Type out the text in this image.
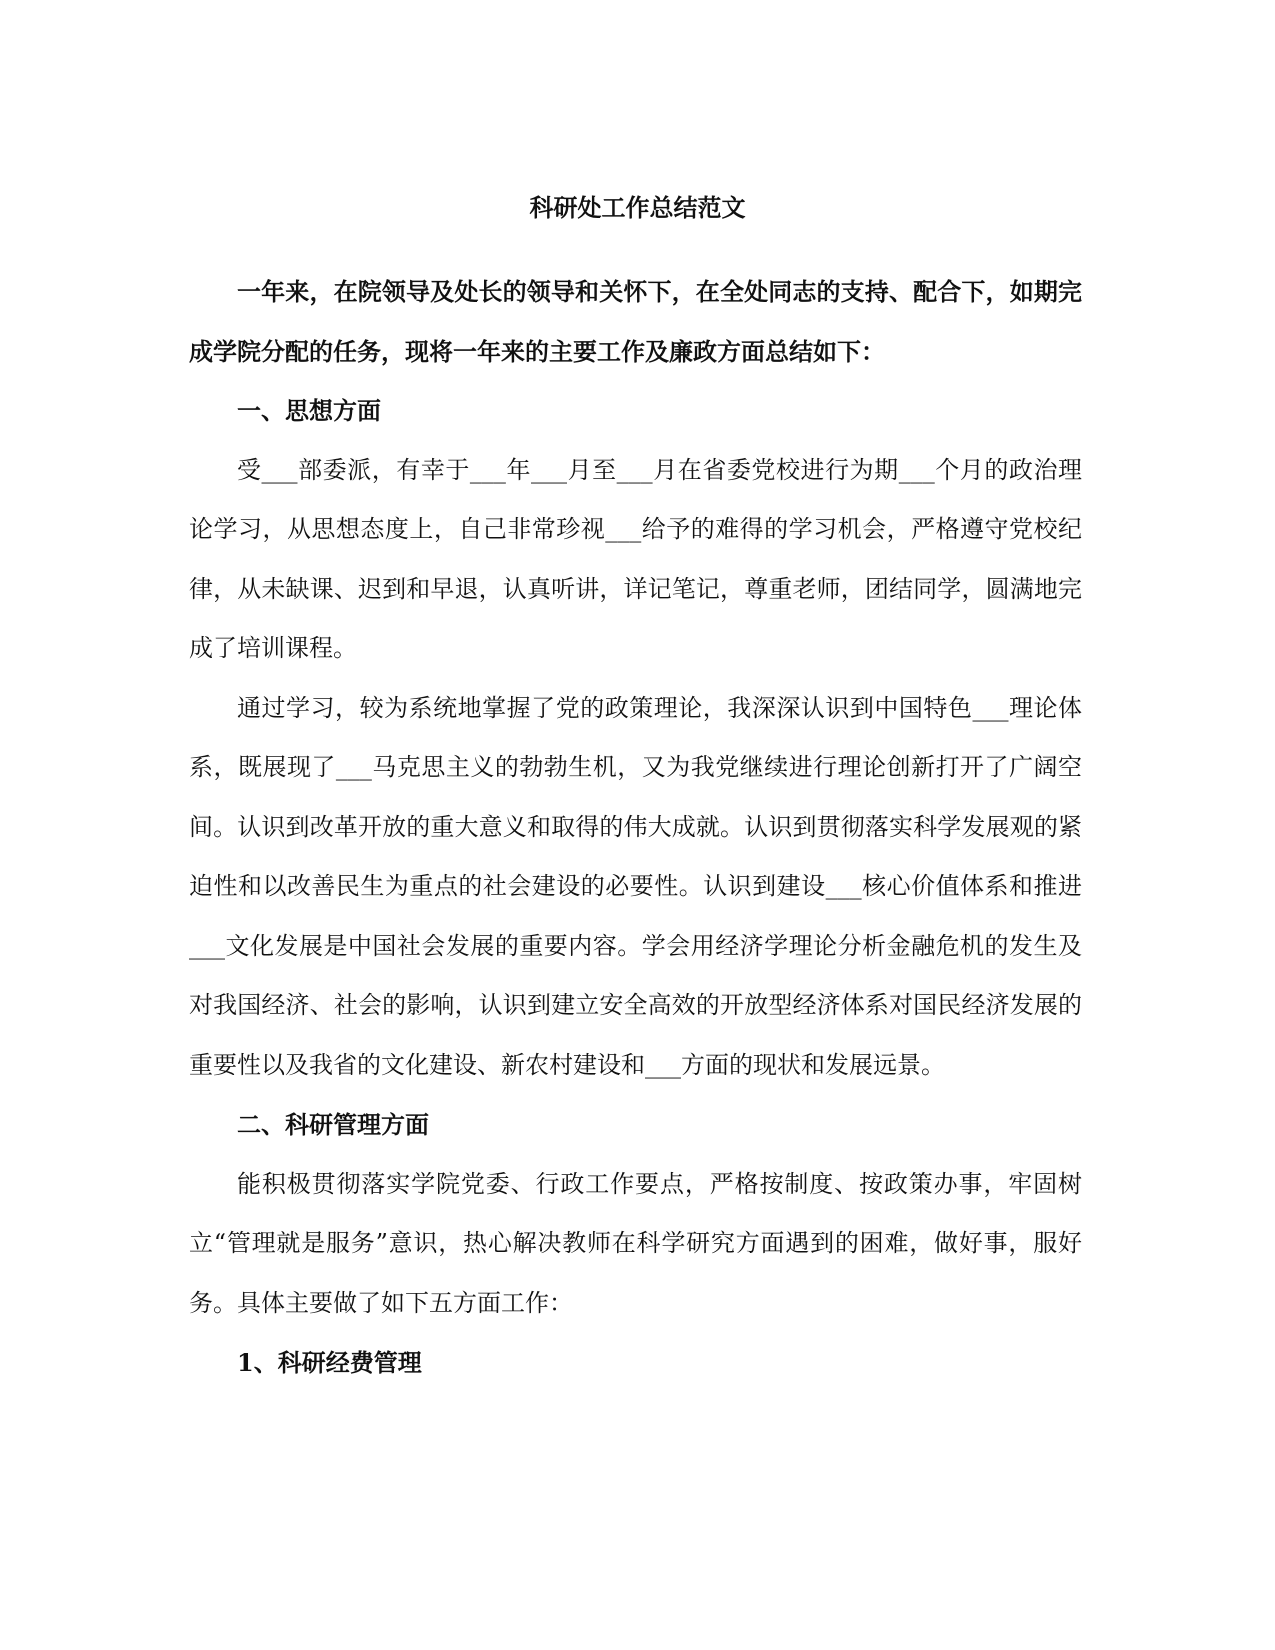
科研处工作总结范文

一年来，在院领导及处长的领导和关怀下，在全处同志的支持、配合下，如期完成学院分配的任务，现将一年来的主要工作及廉政方面总结如下：

一、思想方面

受___部委派，有幸于___年___月至___月在省委党校进行为期___个月的政治理论学习，从思想态度上，自己非常珍视___给予的难得的学习机会，严格遵守党校纪律，从未缺课、迟到和早退，认真听讲，详记笔记，尊重老师，团结同学，圆满地完成了培训课程。

通过学习，较为系统地掌握了党的政策理论，我深深认识到中国特色___理论体系，既展现了___马克思主义的勃勃生机，又为我党继续进行理论创新打开了广阔空间。认识到改革开放的重大意义和取得的伟大成就。认识到贯彻落实科学发展观的紧迫性和以改善民生为重点的社会建设的必要性。认识到建设___核心价值体系和推进___文化发展是中国社会发展的重要内容。学会用经济学理论分析金融危机的发生及对我国经济、社会的影响，认识到建立安全高效的开放型经济体系对国民经济发展的重要性以及我省的文化建设、新农村建设和___方面的现状和发展远景。

二、科研管理方面

能积极贯彻落实学院党委、行政工作要点，严格按制度、按政策办事，牢固树立“管理就是服务”意识，热心解决教师在科学研究方面遇到的困难，做好事，服好务。具体主要做了如下五方面工作：

1、科研经费管理
